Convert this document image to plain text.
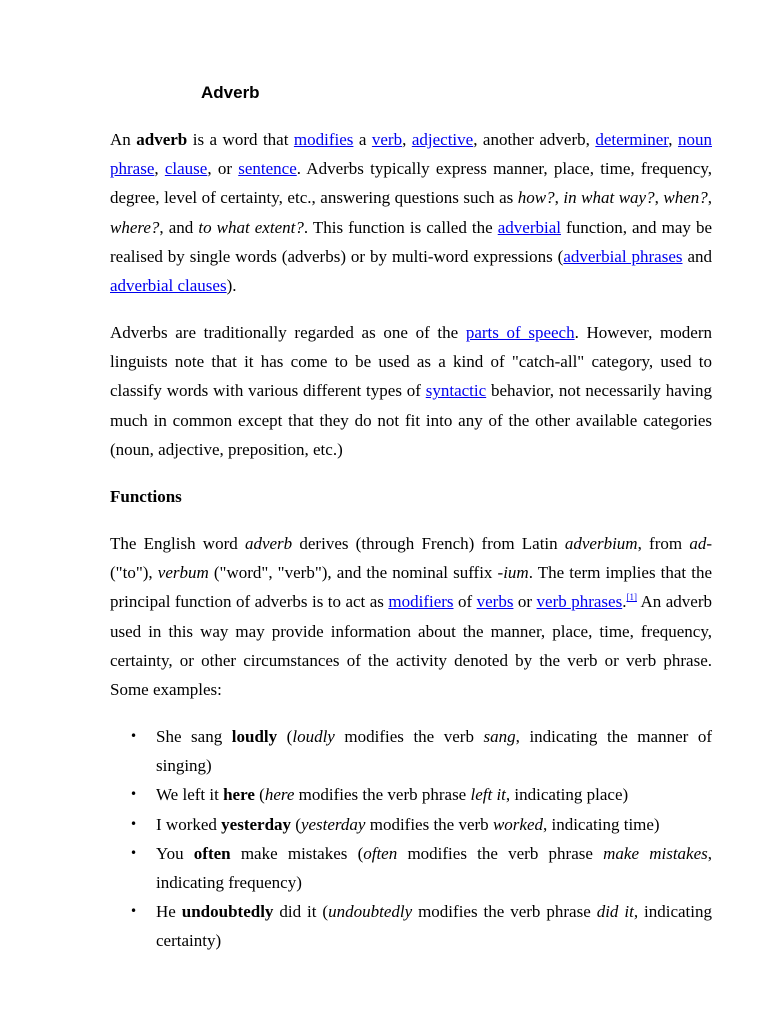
Adverb

An adverb is a word that modifies a verb, adjective, another adverb, determiner, noun phrase, clause, or sentence. Adverbs typically express manner, place, time, frequency, degree, level of certainty, etc., answering questions such as how?, in what way?, when?, where?, and to what extent?. This function is called the adverbial function, and may be realised by single words (adverbs) or by multi-word expressions (adverbial phrases and adverbial clauses).

Adverbs are traditionally regarded as one of the parts of speech. However, modern linguists note that it has come to be used as a kind of "catch-all" category, used to classify words with various different types of syntactic behavior, not necessarily having much in common except that they do not fit into any of the other available categories (noun, adjective, preposition, etc.)

Functions

The English word adverb derives (through French) from Latin adverbium, from ad- ("to"), verbum ("word", "verb"), and the nominal suffix -ium. The term implies that the principal function of adverbs is to act as modifiers of verbs or verb phrases.[1] An adverb used in this way may provide information about the manner, place, time, frequency, certainty, or other circumstances of the activity denoted by the verb or verb phrase. Some examples:

• She sang loudly (loudly modifies the verb sang, indicating the manner of singing)
• We left it here (here modifies the verb phrase left it, indicating place)
• I worked yesterday (yesterday modifies the verb worked, indicating time)
• You often make mistakes (often modifies the verb phrase make mistakes, indicating frequency)
• He undoubtedly did it (undoubtedly modifies the verb phrase did it, indicating certainty)
